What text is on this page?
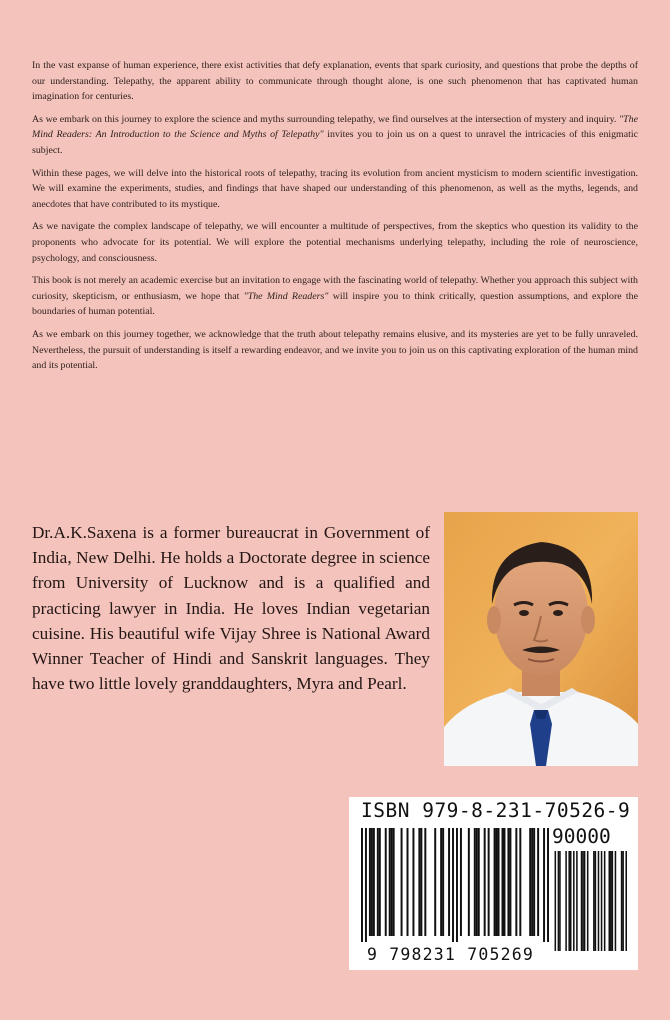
In the vast expanse of human experience, there exist activities that defy explanation, events that spark curiosity, and questions that probe the depths of our understanding. Telepathy, the apparent ability to communicate through thought alone, is one such phenomenon that has captivated human imagination for centuries.

As we embark on this journey to explore the science and myths surrounding telepathy, we find ourselves at the intersection of mystery and inquiry. "The Mind Readers: An Introduction to the Science and Myths of Telepathy" invites you to join us on a quest to unravel the intricacies of this enigmatic subject.

Within these pages, we will delve into the historical roots of telepathy, tracing its evolution from ancient mysticism to modern scientific investigation. We will examine the experiments, studies, and findings that have shaped our understanding of this phenomenon, as well as the myths, legends, and anecdotes that have contributed to its mystique.

As we navigate the complex landscape of telepathy, we will encounter a multitude of perspectives, from the skeptics who question its validity to the proponents who advocate for its potential. We will explore the potential mechanisms underlying telepathy, including the role of neuroscience, psychology, and consciousness.

This book is not merely an academic exercise but an invitation to engage with the fascinating world of telepathy. Whether you approach this subject with curiosity, skepticism, or enthusiasm, we hope that "The Mind Readers" will inspire you to think critically, question assumptions, and explore the boundaries of human potential.

As we embark on this journey together, we acknowledge that the truth about telepathy remains elusive, and its mysteries are yet to be fully unraveled. Nevertheless, the pursuit of understanding is itself a rewarding endeavor, and we invite you to join us on this captivating exploration of the human mind and its potential.

Dr.A.K.Saxena is a former bureaucrat in Government of India, New Delhi. He holds a Doctorate degree in science from University of Lucknow and is a qualified and practicing lawyer in India. He loves Indian vegetarian cuisine. His beautiful wife Vijay Shree is National Award Winner Teacher of Hindi and Sanskrit languages. They have two little lovely granddaughters, Myra and Pearl.
ISBN 979-8-231-70526-9
90000
9 798231 705269
